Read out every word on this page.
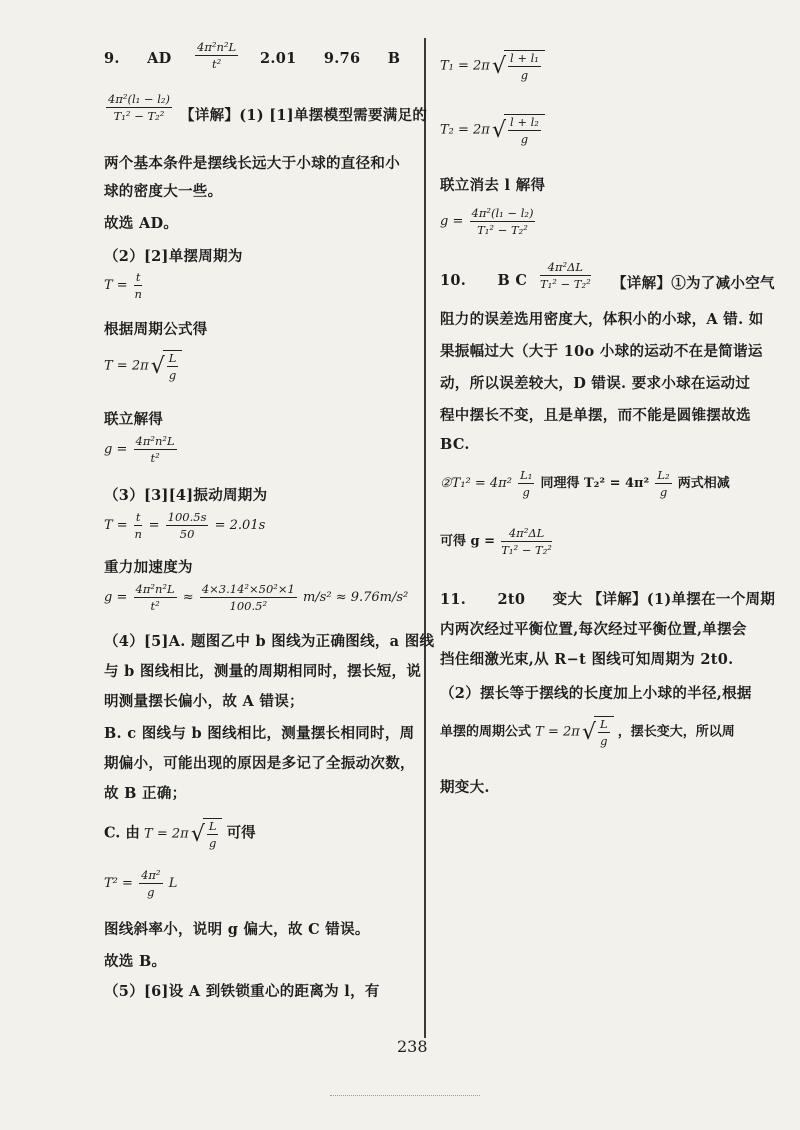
9. AD $\frac{\text{4π²n²L}}{\text{t²}} 2.01$ 9.76 B
$\frac{\text{4π²(l₁ − l₂)}}{\text{T₁² − T₂²}}$ 【详解】(1) [1]单摆模型需要满足的
两个基本条件是摆线长远大于小球的直径和小
球的密度大一些。
故选 AD。
（2）[2]单摆周期为
$T = \frac{t}{n}$
根据周期公式得
T = 2π √ $\frac{L}{g}$
联立解得
$g = \frac{\text{4π²n²L}}{\text{t²}}$
（3）[3][4]振动周期为
$T = \frac{t}{n} = \frac{100.5s}{50} = 2.01s$
重力加速度为
$g = \frac{\text{4π²n²L}}{\text{t²}} \approx \frac{\text{4×3.14²×50²×1}}{\text{100.5²}} m/s^2 \approx 9.76m/s^2$
（4）[5]A. 题图乙中 b 图线为正确图线，a 图线
与 b 图线相比，测量的周期相同时，摆长短，说
明测量摆长偏小，故 A 错误；
B. c 图线与 b 图线相比，测量摆长相同时，周
期偏小，可能出现的原因是多记了全振动次数，
故 B 正确；
C. 由 T = 2π √ $\frac{L}{g}$ 可得
$T^2 = \frac{\text{4π²}}{g}$ L
图线斜率小，说明 g 偏大，故 C 错误。
故选 B。
（5）[6]设 A 到铁锁重心的距离为 l，有
T₁ = 2π √ $\frac{\text{l + l₁}}{g}$
T₂ = 2π √ $\frac{\text{l + l₂}}{g}$
联立消去 l 解得
$g = \frac{\text{4π²(l₁ − l₂)}}{\text{T₁² − T₂²}}$
10. B C $\frac{\text{4π²ΔL}}{\text{T₁² − T₂²}}$ 【详解】①为了减小空气
阻力的误差选用密度大，体积小的小球，A 错. 如
果振幅过大（大于 10o 小球的运动不在是简谐运
动，所以误差较大，D 错误. 要求小球在运动过
程中摆长不变，且是单摆，而不能是圆锥摆故选
BC.
②T₁² = $4\pi^2 \frac{\text{L₁}}{g}$ 同理得 $T_2^2 = 4\pi^2 \frac{\text{L₂}}{g}$ 两式相减
可得 $g = \frac{\text{4π²ΔL}}{\text{T₁² − T₂²}}$
11. 2t0 变大 【详解】(1)单摆在一个周期
内两次经过平衡位置,每次经过平衡位置,单摆会
挡住细激光束,从 R−t 图线可知周期为 2t0.
（2）摆长等于摆线的长度加上小球的半径,根据
单摆的周期公式 T = 2π √ $\frac{L}{g}$ ，摆长变大，所以周
期变大.
238
